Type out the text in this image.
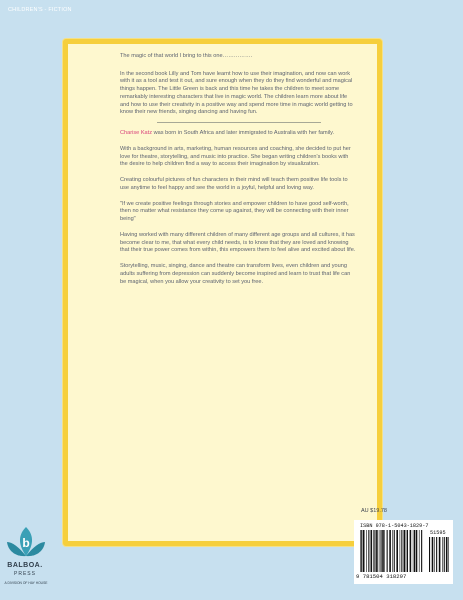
CHILDREN'S - FICTION

The magic of that world I bring to this one…………….

In the second book Lilly and Tom have learnt how to use their imagination, and now can work with it as a tool and test it out, and sure enough when they do they find wonderful and magical things happen. The Little Green is back and this time he takes the children to meet some remarkably interesting characters that live in magic world. The children learn more about life and how to use their creativity in a positive way and spend more time in magic world getting to know their new friends, singing dancing and having fun.

Charise Katz was born in South Africa and later immigrated to Australia with her family.

With a background in arts, marketing, human resources and coaching, she decided to put her love for theatre, storytelling, and music into practice. She began writing children's books with the desire to help children find a way to access their imagination by visualization.

Creating colourful pictures of fun characters in their mind will teach them positive life tools to use anytime to feel happy and see the world in a joyful, helpful and loving way.

"If we create positive feelings through stories and empower children to have good self-worth, then no matter what resistance they come up against, they will be connecting with their inner being"

Having worked with many different children of many different age groups and all cultures, it has become clear to me, that what every child needs, is to know that they are loved and knowing that their true power comes from within, this empowers them to feel alive and excited about life.

Storytelling, music, singing, dance and theatre can transform lives, even children and young adults suffering from depression can suddenly become inspired and learn to trust that life can be magical, when you allow your creativity to set you free.

AU $19.78
ISBN 978-1-5043-1829-7
51595
9 781504 318297
b
BALBOA.
PRESS
A DIVISION OF HAY HOUSE
